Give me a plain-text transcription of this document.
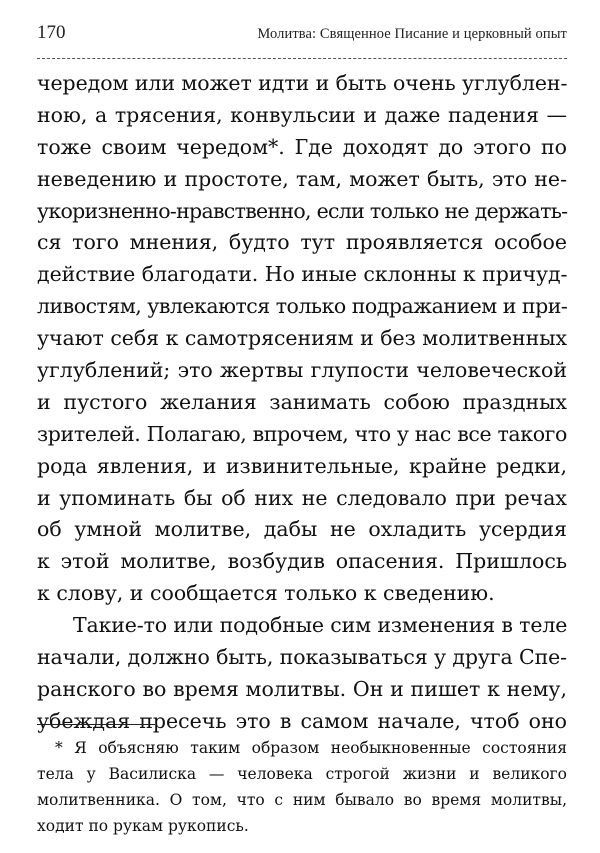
170	Молитва: Священное Писание и церковный опыт
чередом или может идти и быть очень углублен-
ною, а трясения, конвульсии и даже падения —
тоже своим чередом*. Где доходят до этого по
неведению и простоте, там, может быть, это не-
укоризненно-нравственно, если только не держать-
ся того мнения, будто тут проявляется особое
действие благодати. Но иные склонны к причуд-
ливостям, увлекаются только подражанием и при-
учают себя к самотрясениям и без молитвенных
углублений; это жертвы глупости человеческой
и пустого желания занимать собою праздных
зрителей. Полагаю, впрочем, что у нас все такого
рода явления, и извинительные, крайне редки,
и упоминать бы об них не следовало при речах
об умной молитве, дабы не охладить усердия
к этой молитве, возбудив опасения. Пришлось
к слову, и сообщается только к сведению.
Такие-то или подобные сим изменения в теле
начали, должно быть, показываться у друга Спе-
ранского во время молитвы. Он и пишет к нему,
убеждая пресечь это в самом начале, чтоб оно
* Я объясняю таким образом необыкновенные состояния
тела у Василиска — человека строгой жизни и великого
молитвенника. О том, что с ним бывало во время молитвы,
ходит по рукам рукопись.
